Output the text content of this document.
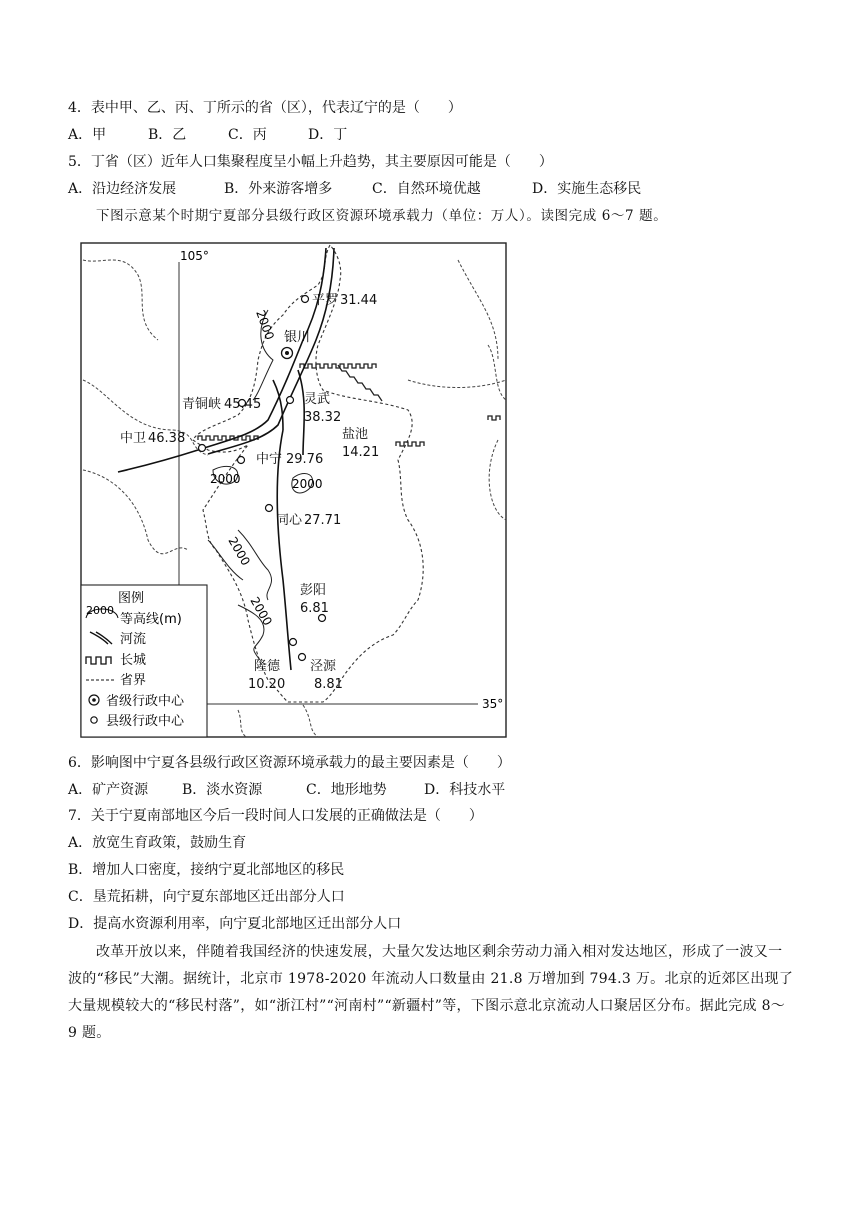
4．表中甲、乙、丙、丁所示的省（区），代表辽宁的是（　　）
A．甲	B．乙	C．丙	D．丁
5．丁省（区）近年人口集聚程度呈小幅上升趋势，其主要原因可能是（　　）
A．沿边经济发展	B．外来游客增多	C．自然环境优越	D．实施生态移民
下图示意某个时期宁夏部分县级行政区资源环境承载力（单位：万人）。读图完成 6～7 题。
105°
35°
2000
2000	2000
2000
2000
银川
平罗 31.44
青铜峡 45.45	灵武
38.32
盐池
14.21
中卫 46.38
中宁 29.76
同心 27.71
彭阳
6.81
隆德
10.20
泾源
8.81
图例
2000
等高线(m)
河流
长城
省界
省级行政中心
县级行政中心
6．影响图中宁夏各县级行政区资源环境承载力的最主要因素是（　　）
A．矿产资源 B．淡水资源	C．地形地势	D．科技水平
7．关于宁夏南部地区今后一段时间人口发展的正确做法是（　　）
A．放宽生育政策，鼓励生育
B．增加人口密度，接纳宁夏北部地区的移民
C．垦荒拓耕，向宁夏东部地区迁出部分人口
D．提高水资源利用率，向宁夏北部地区迁出部分人口
改革开放以来，伴随着我国经济的快速发展，大量欠发达地区剩余劳动力涌入相对发达地区，形成了一波又一波的“移民”大潮。据统计，北京市 1978-2020 年流动人口数量由 21.8 万增加到 794.3 万。北京的近郊区出现了大量规模较大的“移民村落”，如“浙江村”“河南村”“新疆村”等，下图示意北京流动人口聚居区分布。据此完成 8～9 题。
